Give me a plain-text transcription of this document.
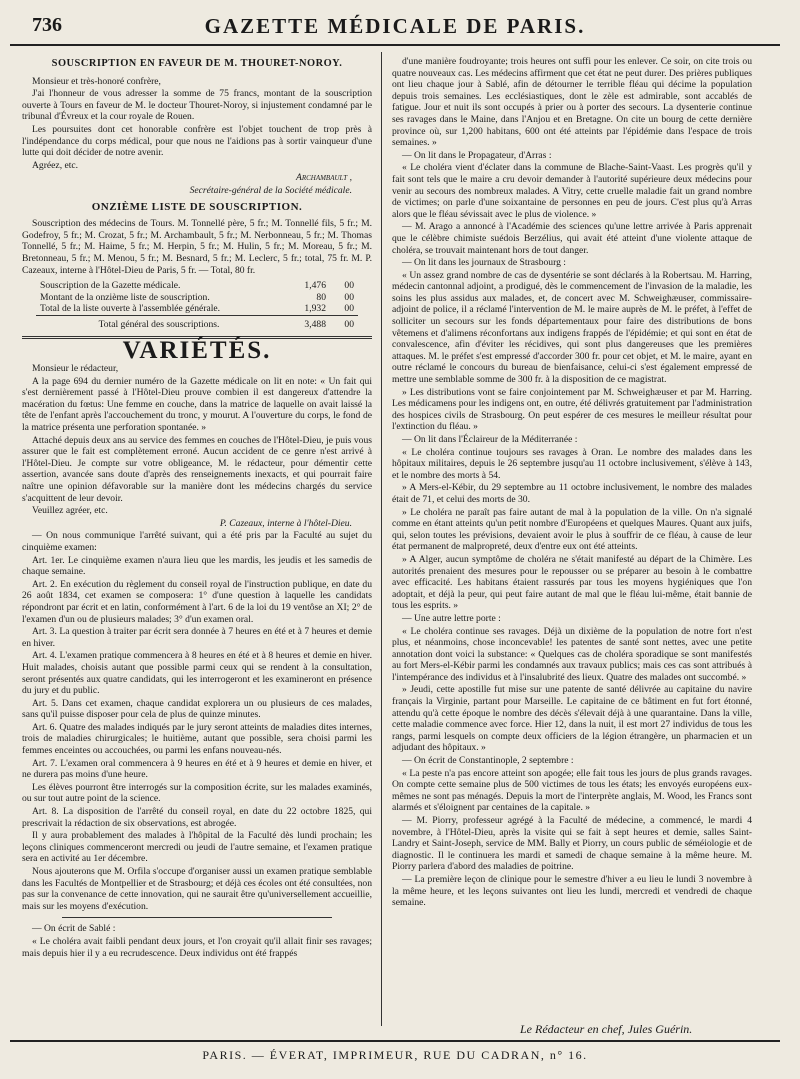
736	GAZETTE MÉDICALE DE PARIS.
SOUSCRIPTION EN FAVEUR DE M. THOURET-NOROY.

Monsieur et très-honoré confrère,

J'ai l'honneur de vous adresser la somme de 75 francs, montant de la souscription ouverte à Tours en faveur de M. le docteur Thouret-Noroy, si injustement condamné par le tribunal d'Évreux et la cour royale de Rouen.

Les poursuites dont cet honorable confrère est l'objet touchent de trop près à l'indépendance du corps médical, pour que nous ne l'aidions pas à sortir vainqueur d'une lutte qui doit décider de notre avenir.

Agréez, etc.

Archambault ,
Secrétaire-général de la Société médicale.
ONZIÈME LISTE DE SOUSCRIPTION.

Souscription des médecins de Tours. M. Tonnellé père, 5 fr.; M. Tonnellé fils, 5 fr.; M. Godefroy, 5 fr.; M. Crozat, 5 fr.; M. Archambault, 5 fr.; M. Nerbonneau, 5 fr.; M. Thomas Tonnellé, 5 fr.; M. Haime, 5 fr.; M. Herpin, 5 fr.; M. Hulin, 5 fr.; M. Moreau, 5 fr.; M. Bretonneau, 5 fr.; M. Menou, 5 fr.; M. Besnard, 5 fr.; M. Leclerc, 5 fr.; total, 75 fr. M. P. Cazeaux, interne à l'Hôtel-Dieu de Paris, 5 fr. — Total, 80 fr.

Souscription de la Gazette médicale.	1,476	00
Montant de la onzième liste de souscription.	80	00
Total de la liste ouverte à l'assemblée générale.	1,932	00
Total général des souscriptions.	3,488	00
VARIÉTÉS.

Monsieur le rédacteur,

A la page 694 du dernier numéro de la Gazette médicale on lit en note: « Un fait qui s'est dernièrement passé à l'Hôtel-Dieu prouve combien il est dangereux d'attendre la macération du fœtus: Une femme en couche, dans la matrice de laquelle on avait laissé la tête de l'enfant après l'accouchement du tronc, y mourut. A l'ouverture du corps, le fond de la matrice présenta une perforation spontanée. »

Attaché depuis deux ans au service des femmes en couches de l'Hôtel-Dieu, je puis vous assurer que le fait est complètement erroné. Aucun accident de ce genre n'est arrivé à l'Hôtel-Dieu. Je compte sur votre obligeance, M. le rédacteur, pour démentir cette assertion, avancée sans doute d'après des renseignements inexacts, et qui pourrait faire naître une opinion défavorable sur la manière dont les médecins chargés du service s'acquittent de leur devoir.

Veuillez agréer, etc.

P. Cazeaux, interne à l'hôtel-Dieu.

— On nous communique l'arrêté suivant, qui a été pris par la Faculté au sujet du cinquième examen:

Art. 1er. Le cinquième examen n'aura lieu que les mardis, les jeudis et les samedis de chaque semaine.

Art. 2. En exécution du règlement du conseil royal de l'instruction publique, en date du 26 août 1834, cet examen se composera: 1° d'une question à laquelle les candidats répondront par écrit et en latin, conformément à l'art. 6 de la loi du 19 ventôse an XI; 2° de l'examen d'un ou de plusieurs malades; 3° d'un examen oral.

Art. 3. La question à traiter par écrit sera donnée à 7 heures en été et à 7 heures et demie en hiver.

Art. 4. L'examen pratique commencera à 8 heures en été et à 8 heures et demie en hiver. Huit malades, choisis autant que possible parmi ceux qui se rendent à la consultation, seront présentés aux quatre candidats, qui les interrogeront et les examineront en présence du jury et du public.

Art. 5. Dans cet examen, chaque candidat explorera un ou plusieurs de ces malades, sans qu'il puisse disposer pour cela de plus de quinze minutes.

Art. 6. Quatre des malades indiqués par le jury seront atteints de maladies dites internes, trois de maladies chirurgicales; le huitième, autant que possible, sera choisi parmi les femmes enceintes ou accouchées, ou parmi les enfans nouveau-nés.

Art. 7. L'examen oral commencera à 9 heures en été et à 9 heures et demie en hiver, et ne durera pas moins d'une heure.

Les élèves pourront être interrogés sur la composition écrite, sur les malades examinés, ou sur tout autre point de la science.

Art. 8. La disposition de l'arrêté du conseil royal, en date du 22 octobre 1825, qui prescrivait la rédaction de six observations, est abrogée.

Il y aura probablement des malades à l'hôpital de la Faculté dès lundi prochain; les leçons cliniques commenceront mercredi ou jeudi de l'autre semaine, et l'examen pratique sera en activité au 1er décembre.

Nous ajouterons que M. Orfila s'occupe d'organiser aussi un examen pratique semblable dans les Facultés de Montpellier et de Strasbourg; et déjà ces écoles ont été consultées, non pas sur la convenance de cette innovation, qui ne saurait être qu'universellement accueillie, mais sur les moyens d'exécution.

— On écrit de Sablé :

« Le choléra avait faibli pendant deux jours, et l'on croyait qu'il allait finir ses ravages; mais depuis hier il y a eu recrudescence. Deux individus ont été frappés

d'une manière foudroyante; trois heures ont suffi pour les enlever. Ce soir, on cite trois ou quatre nouveaux cas. Les médecins affirment que cet état ne peut durer. Des prières publiques ont lieu chaque jour à Sablé, afin de détourner le terrible fléau qui décime la population depuis trois semaines. Les ecclésiastiques, dont le zèle est admirable, sont accablés de fatigue. Jour et nuit ils sont occupés à prier ou à porter des secours. La dysenterie continue ses ravages dans le Maine, dans l'Anjou et en Bretagne. On cite un bourg de cette dernière province où, sur 1,200 habitans, 600 ont été atteints par l'épidémie dans l'espace de trois semaines. »

— On lit dans le Propagateur, d'Arras :

« Le choléra vient d'éclater dans la commune de Blache-Saint-Vaast. Les progrès qu'il y fait sont tels que le maire a cru devoir demander à l'autorité supérieure deux médecins pour venir au secours des nombreux malades. A Vitry, cette cruelle maladie fait un grand nombre de victimes; on parle d'une soixantaine de personnes en peu de jours. C'est plus qu'à Arras alors que le fléau sévissait avec le plus de violence. »

— M. Arago a annoncé à l'Académie des sciences qu'une lettre arrivée à Paris apprenait que le célèbre chimiste suédois Berzélius, qui avait été atteint d'une violente attaque de choléra, se trouvait maintenant hors de tout danger.

— On lit dans les journaux de Strasbourg :

« Un assez grand nombre de cas de dysentérie se sont déclarés à la Robertsau. M. Harring, médecin cantonnal adjoint, a prodigué, dès le commencement de l'invasion de la maladie, les soins les plus assidus aux malades, et, de concert avec M. Schweighæuser, commissaire-adjoint de police, il a réclamé l'intervention de M. le maire auprès de M. le préfet, à l'effet de solliciter un secours sur les fonds départementaux pour faire des distributions de bons vêtemens et d'alimens réconfortans aux indigens frappés de l'épidémie; et qui sont en état de convalescence, afin d'éviter les récidives, qui sont plus dangereuses que les premières attaques. M. le préfet s'est empressé d'accorder 300 fr. pour cet objet, et M. le maire, ayant en outre réclamé le concours du bureau de bienfaisance, celui-ci s'est également empressé de mettre une semblable somme de 300 fr. à la disposition de ce magistrat.

» Les distributions vont se faire conjointement par M. Schweighæuser et par M. Harring. Les médicamens pour les indigens ont, en outre, été délivrés gratuitement par l'administration des hospices civils de Strasbourg. On peut espérer de ces mesures le meilleur résultat pour l'extinction du fléau. »

— On lit dans l'Éclaireur de la Méditerranée :

« Le choléra continue toujours ses ravages à Oran. Le nombre des malades dans les hôpitaux militaires, depuis le 26 septembre jusqu'au 11 octobre inclusivement, s'élève à 143, et le nombre des morts à 54.

» A Mers-el-Kébir, du 29 septembre au 11 octobre inclusivement, le nombre des malades était de 71, et celui des morts de 30.

» Le choléra ne paraît pas faire autant de mal à la population de la ville. On n'a signalé comme en étant atteints qu'un petit nombre d'Européens et quelques Maures. Quant aux juifs, qui, selon toutes les prévisions, devaient avoir le plus à souffrir de ce fléau, à cause de leur état permanent de malpropreté, deux d'entre eux ont été atteints.

» A Alger, aucun symptôme de choléra ne s'était manifesté au départ de la Chimère. Les autorités prenaient des mesures pour le repousser ou se préparer au besoin à le combattre avec efficacité. Les habitans étaient rassurés par tous les moyens hygiéniques que l'on adoptait, et déjà la peur, qui peut faire autant de mal que le fléau lui-même, était bannie de tous les esprits. »

— Une autre lettre porte :

« Le choléra continue ses ravages. Déjà un dixième de la population de notre fort n'est plus, et néanmoins, chose inconcevable! les patentes de santé sont nettes, avec une petite annotation dont voici la substance: « Quelques cas de choléra sporadique se sont manifestés au fort Mers-el-Kébir parmi les condamnés aux travaux publics; mais ces cas sont attribués à l'intempérance des individus et à l'insalubrité des lieux. Quatre des malades ont succombé. »

» Jeudi, cette apostille fut mise sur une patente de santé délivrée au capitaine du navire français la Virginie, partant pour Marseille. Le capitaine de ce bâtiment en fut fort étonné, attendu qu'à cette époque le nombre des décès s'élevait déjà à une quarantaine. Dans la ville, cette maladie commence avec force. Hier 12, dans la nuit, il est mort 27 individus de tous les rangs, parmi lesquels on compte deux officiers de la légion étrangère, un pharmacien et un adjudant des hôpitaux. »

— On écrit de Constantinople, 2 septembre :

« La peste n'a pas encore atteint son apogée; elle fait tous les jours de plus grands ravages. On compte cette semaine plus de 500 victimes de tous les états; les envoyés européens eux-mêmes ne sont pas ménagés. Depuis la mort de l'interprète anglais, M. Wood, les Francs sont alarmés et s'éloignent par centaines de la capitale. »

— M. Piorry, professeur agrégé à la Faculté de médecine, a commencé, le mardi 4 novembre, à l'Hôtel-Dieu, après la visite qui se fait à sept heures et demie, salles Saint-Landry et Saint-Joseph, service de MM. Bally et Piorry, un cours public de séméiologie et de diagnostic. Il le continuera les mardi et samedi de chaque semaine à la même heure. M. Piorry parlera d'abord des maladies de poitrine.

— La première leçon de clinique pour le semestre d'hiver a eu lieu le lundi 3 novembre à la même heure, et les leçons suivantes ont lieu les lundi, mercredi et vendredi de chaque semaine.

Le Rédacteur en chef, Jules Guérin.
PARIS. — ÉVERAT, IMPRIMEUR, RUE DU CADRAN, n° 16.
